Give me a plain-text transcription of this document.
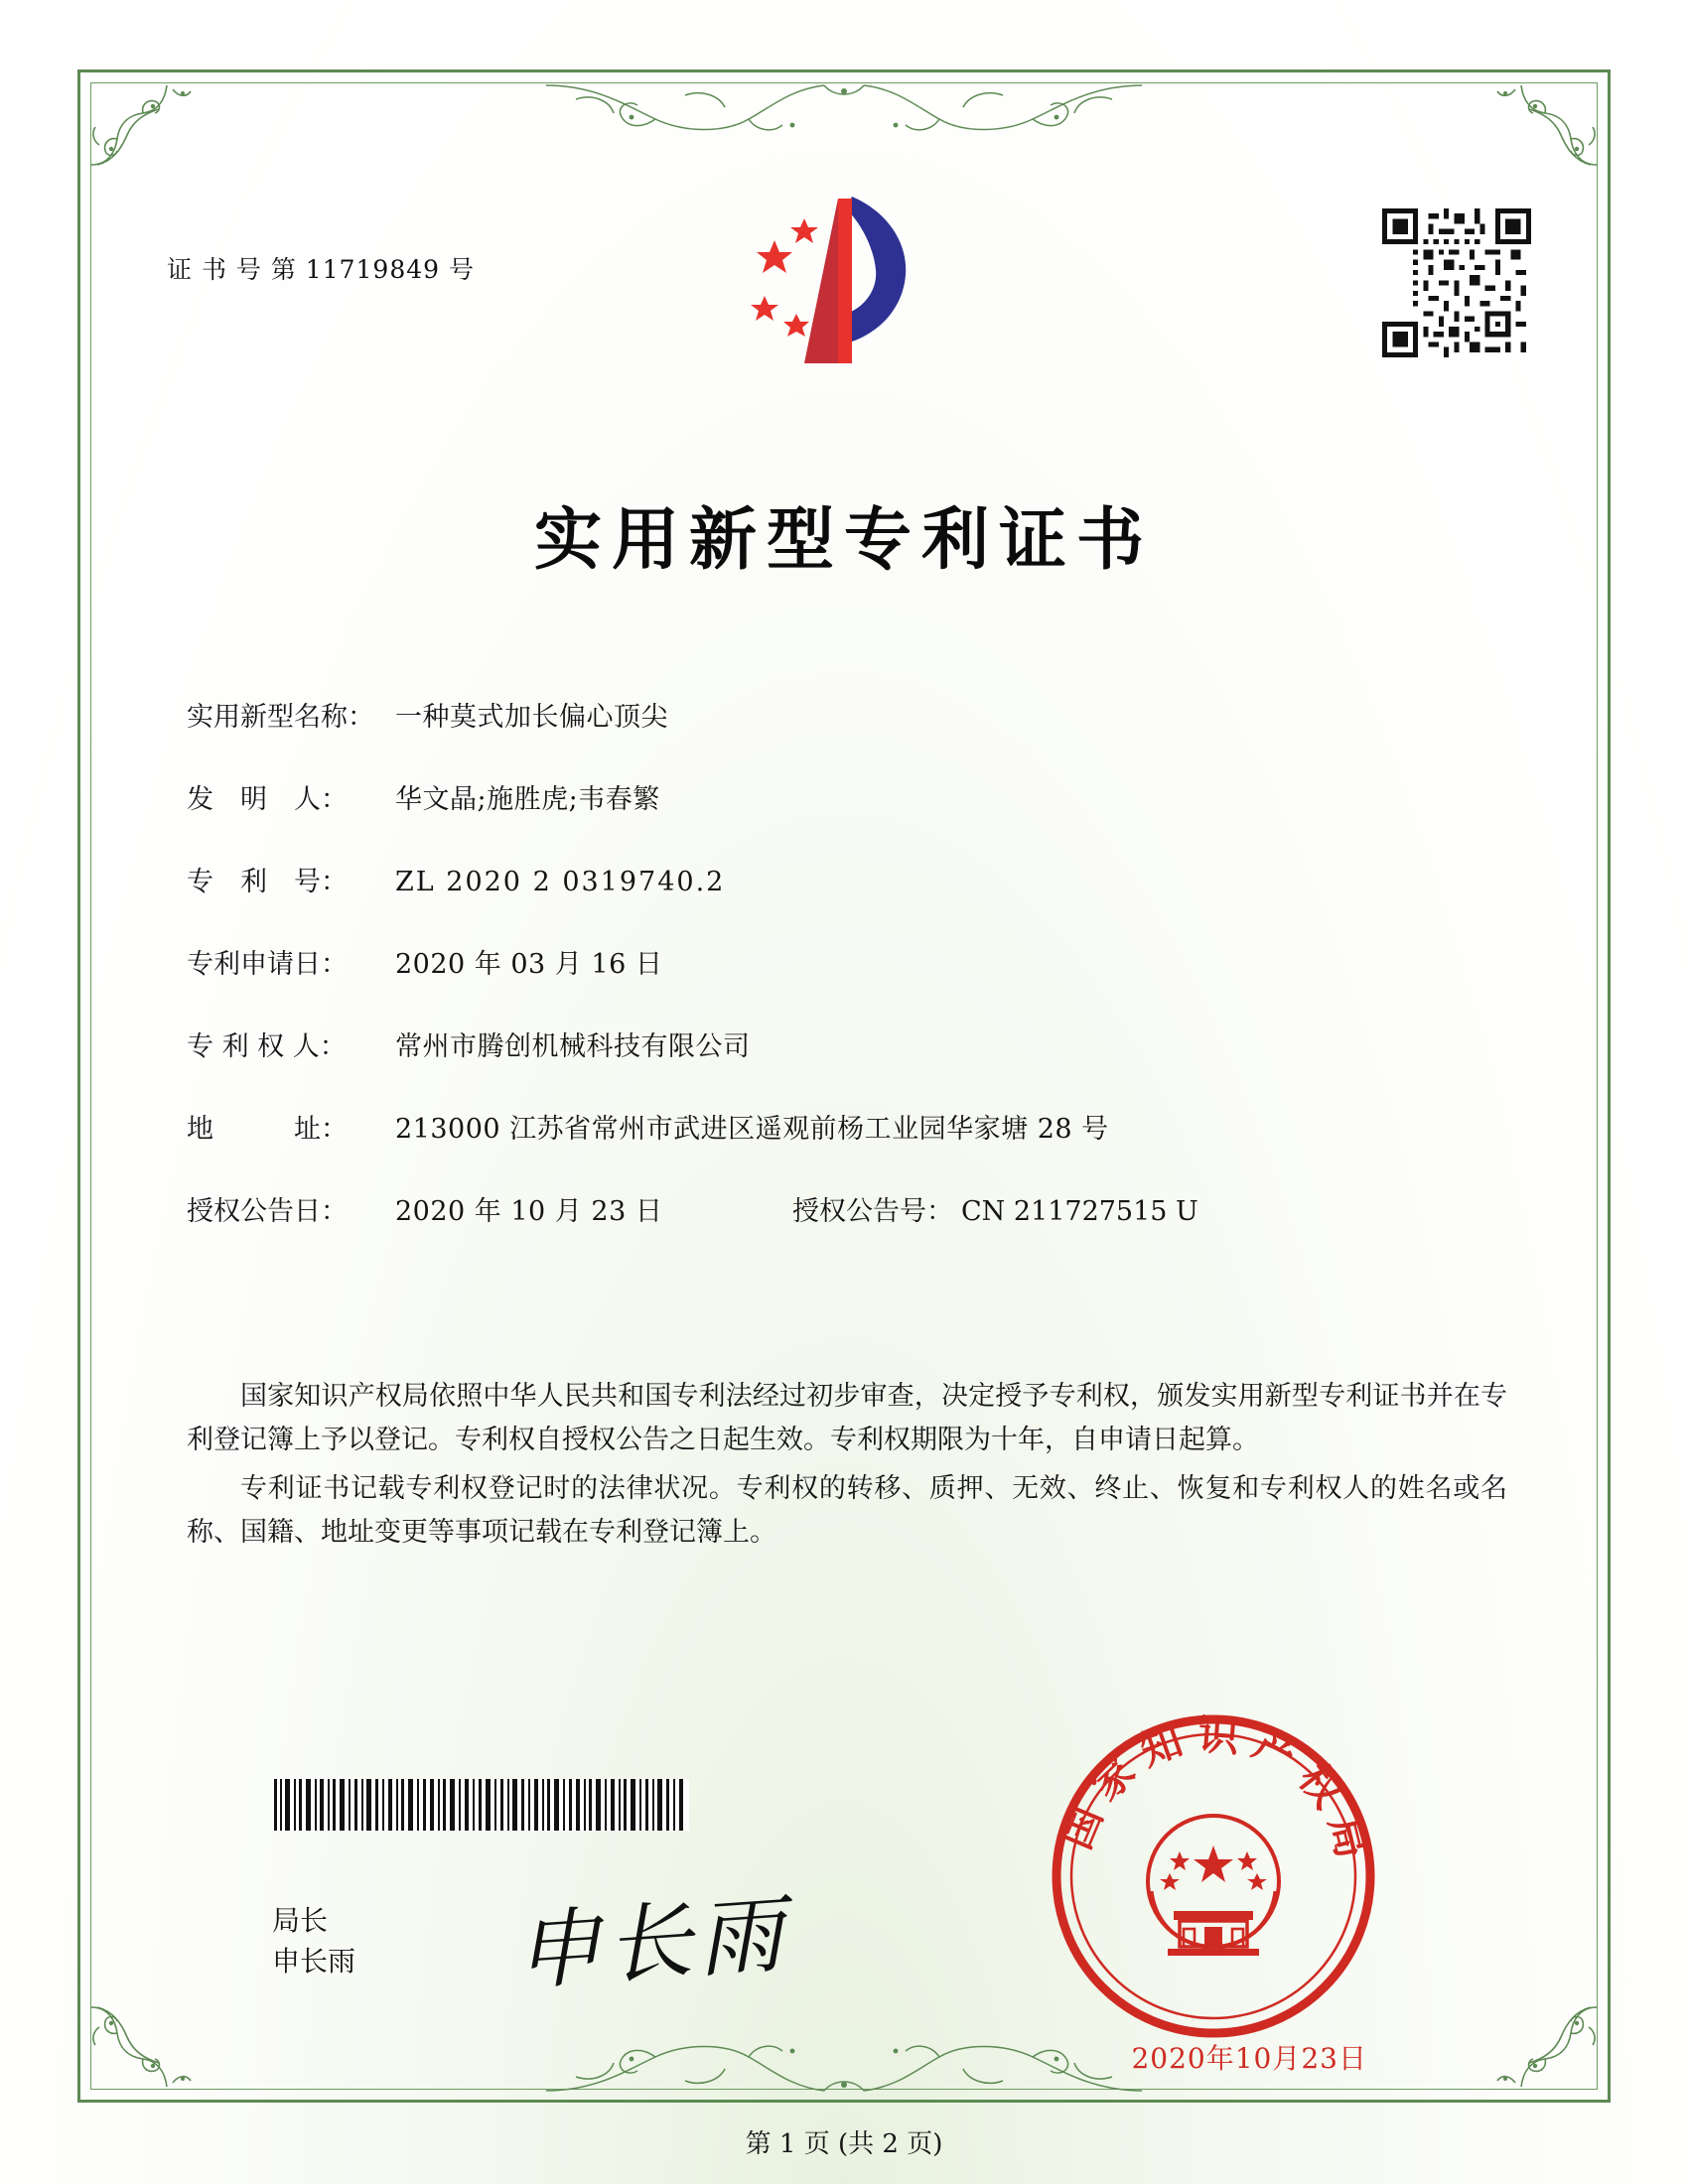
证 书 号 第 11719849 号
实用新型专利证书
实用新型名称： 一种莫式加长偏心顶尖
发　明　人：	华文晶;施胜虎;韦春繁
专　利　号：	ZL 2020 2 0319740.2
专利申请日：	2020 年 03 月 16 日
专 利 权 人：	常州市腾创机械科技有限公司
地　　　址：	213000 江苏省常州市武进区遥观前杨工业园华家塘 28 号
授权公告日：	2020 年 10 月 23 日	授权公告号： CN 211727515 U

国家知识产权局依照中华人民共和国专利法经过初步审查，决定授予专利权，颁发实用新型专利证书并在专利登记簿上予以登记。专利权自授权公告之日起生效。专利权期限为十年，自申请日起算。

专利证书记载专利权登记时的法律状况。专利权的转移、质押、无效、终止、恢复和专利权人的姓名或名称、国籍、地址变更等事项记载在专利登记簿上。

局长
申长雨 申长雨
国家知识产权局
2020年10月23日
第 1 页 (共 2 页)
